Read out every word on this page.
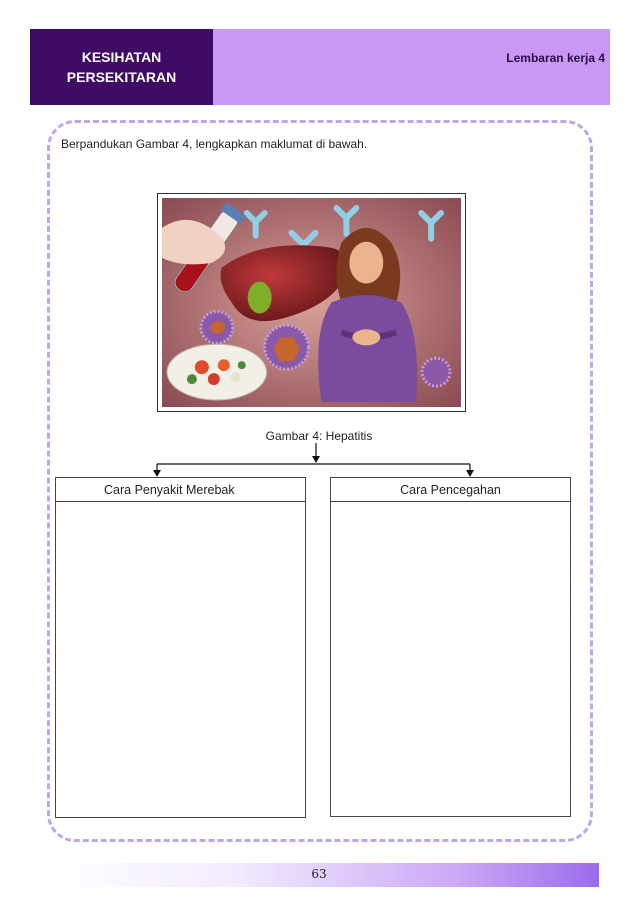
KESIHATAN
PERSEKITARAN
Lembaran kerja 4
Berpandukan Gambar 4, lengkapkan maklumat di bawah.
Gambar 4: Hepatitis
Cara Penyakit Merebak	Cara Pencegahan
63
